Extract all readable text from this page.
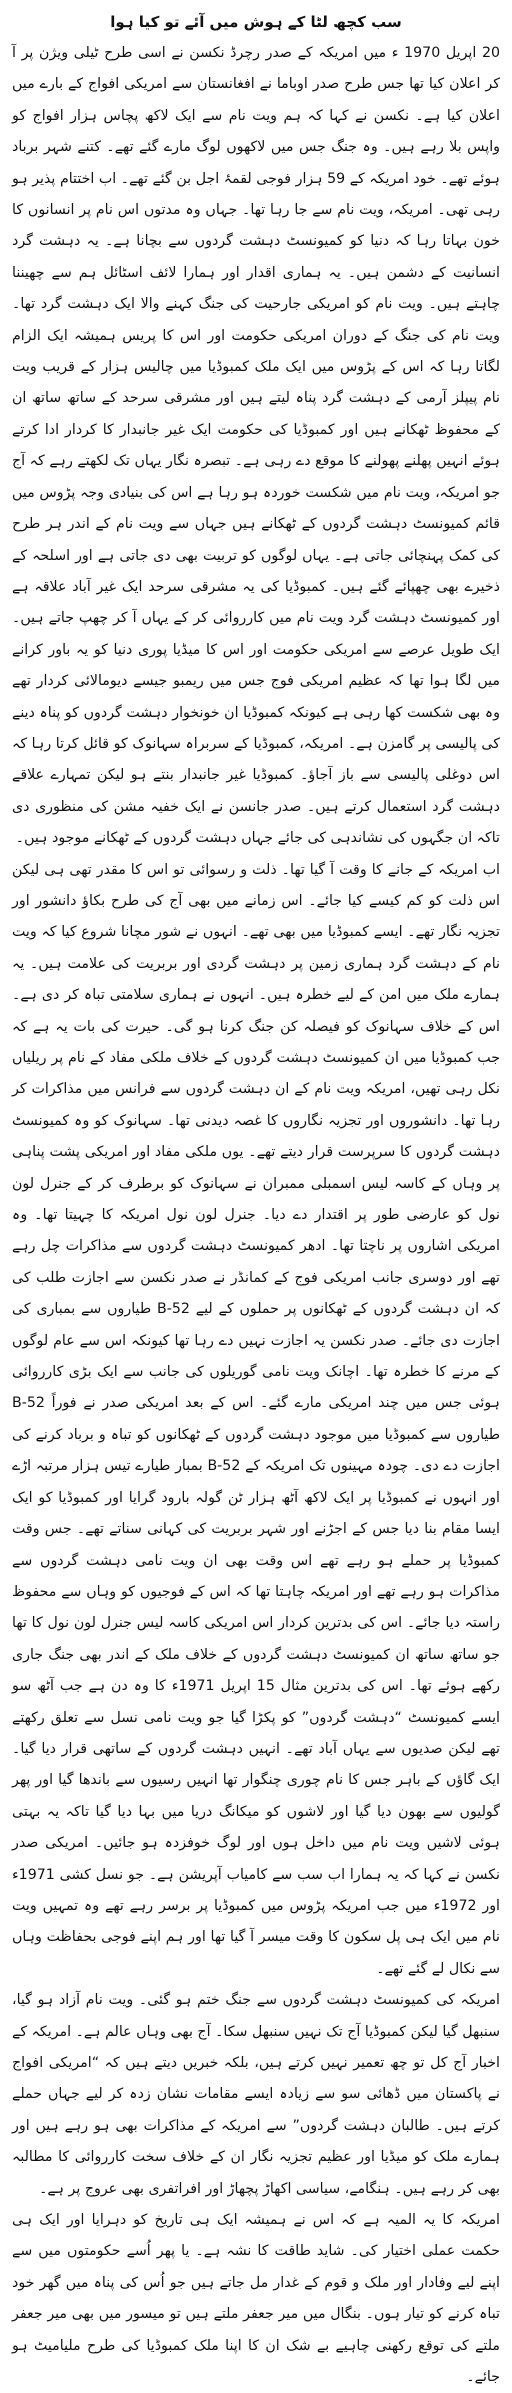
سب کچھ لٹا کے ہوش میں آئے تو کیا ہوا

20 اپریل 1970 ء میں امریکہ کے صدر رچرڈ نکسن نے اسی طرح ٹیلی ویژن پر آ کر اعلان کیا تھا جس طرح صدر اوباما نے افغانستان سے امریکی افواج کے بارے میں اعلان کیا ہے۔ نکسن نے کہا کہ ہم ویت نام سے ایک لاکھ پچاس ہزار افواج کو واپس بلا رہے ہیں۔ وہ جنگ جس میں لاکھوں لوگ مارے گئے تھے۔ کتنے شہر برباد ہوئے تھے۔ خود امریکہ کے 59 ہزار فوجی لقمۂ اجل بن گئے تھے۔ اب اختتام پذیر ہو رہی تھی۔ امریکہ، ویت نام سے جا رہا تھا۔ جہاں وہ مدتوں اس نام پر انسانوں کا خون بہاتا رہا کہ دنیا کو کمیونسٹ دہشت گردوں سے بچانا ہے۔ یہ دہشت گرد انسانیت کے دشمن ہیں۔ یہ ہماری اقدار اور ہمارا لائف اسٹائل ہم سے چھیننا چاہتے ہیں۔ ویت نام کو امریکی جارحیت کی جنگ کہنے والا ایک دہشت گرد تھا۔ ویت نام کی جنگ کے دوران امریکی حکومت اور اس کا پریس ہمیشہ ایک الزام لگاتا رہا کہ اس کے پڑوس میں ایک ملک کمبوڈیا میں چالیس ہزار کے قریب ویت نام پیپلز آرمی کے دہشت گرد پناہ لیتے ہیں اور مشرقی سرحد کے ساتھ ساتھ ان کے محفوظ ٹھکانے ہیں اور کمبوڈیا کی حکومت ایک غیر جانبدار کا کردار ادا کرتے ہوئے انہیں پھلنے پھولنے کا موقع دے رہی ہے۔ تبصرہ نگار یہاں تک لکھتے رہے کہ آج جو امریکہ، ویت نام میں شکست خوردہ ہو رہا ہے اس کی بنیادی وجہ پڑوس میں قائم کمیونسٹ دہشت گردوں کے ٹھکانے ہیں جہاں سے ویت نام کے اندر ہر طرح کی کمک پہنچائی جاتی ہے۔ یہاں لوگوں کو تربیت بھی دی جاتی ہے اور اسلحہ کے ذخیرے بھی چھپائے گئے ہیں۔ کمبوڈیا کی یہ مشرقی سرحد ایک غیر آباد علاقہ ہے اور کمیونسٹ دہشت گرد ویت نام میں کارروائی کر کے یہاں آ کر چھپ جاتے ہیں۔ ایک طویل عرصے سے امریکی حکومت اور اس کا میڈیا پوری دنیا کو یہ باور کرانے میں لگا ہوا تھا کہ عظیم امریکی فوج جس میں ریمبو جیسے دیومالائی کردار تھے وہ بھی شکست کھا رہی ہے کیونکہ کمبوڈیا ان خونخوار دہشت گردوں کو پناہ دینے کی پالیسی پر گامزن ہے۔ امریکہ، کمبوڈیا کے سربراہ سہانوک کو قائل کرتا رہا کہ اس دوغلی پالیسی سے باز آجاؤ۔ کمبوڈیا غیر جانبدار بنتے ہو لیکن تمہارے علاقے دہشت گرد استعمال کرتے ہیں۔ صدر جانسن نے ایک خفیہ مشن کی منظوری دی تاکہ ان جگہوں کی نشاندہی کی جائے جہاں دہشت گردوں کے ٹھکانے موجود ہیں۔

اب امریکہ کے جانے کا وقت آ گیا تھا۔ ذلت و رسوائی تو اس کا مقدر تھی ہی لیکن اس ذلت کو کم کیسے کیا جائے۔ اس زمانے میں بھی آج کی طرح بکاؤ دانشور اور تجزیہ نگار تھے۔ ایسے کمبوڈیا میں بھی تھے۔ انہوں نے شور مچانا شروع کیا کہ ویت نام کے دہشت گرد ہماری زمین پر دہشت گردی اور بربریت کی علامت ہیں۔ یہ ہمارے ملک میں امن کے لیے خطرہ ہیں۔ انہوں نے ہماری سلامتی تباہ کر دی ہے۔ اس کے خلاف سہانوک کو فیصلہ کن جنگ کرنا ہو گی۔ حیرت کی بات یہ ہے کہ جب کمبوڈیا میں ان کمیونسٹ دہشت گردوں کے خلاف ملکی مفاد کے نام پر ریلیاں نکل رہی تھیں، امریکہ ویت نام کے ان دہشت گردوں سے فرانس میں مذاکرات کر رہا تھا۔ دانشوروں اور تجزیہ نگاروں کا غصہ دیدنی تھا۔ سہانوک کو وہ کمیونسٹ دہشت گردوں کا سرپرست قرار دیتے تھے۔ یوں ملکی مفاد اور امریکی پشت پناہی پر وہاں کے کاسہ لیس اسمبلی ممبران نے سہانوک کو برطرف کر کے جنرل لون نول کو عارضی طور پر اقتدار دے دیا۔ جنرل لون نول امریکہ کا چہیتا تھا۔ وہ امریکی اشاروں پر ناچتا تھا۔ ادھر کمیونسٹ دہشت گردوں سے مذاکرات چل رہے تھے اور دوسری جانب امریکی فوج کے کمانڈر نے صدر نکسن سے اجازت طلب کی کہ ان دہشت گردوں کے ٹھکانوں پر حملوں کے لیے B-52 طیاروں سے بمباری کی اجازت دی جائے۔ صدر نکسن یہ اجازت نہیں دے رہا تھا کیونکہ اس سے عام لوگوں کے مرنے کا خطرہ تھا۔ اچانک ویت نامی گوریلوں کی جانب سے ایک بڑی کارروائی ہوئی جس میں چند امریکی مارے گئے۔ اس کے بعد امریکی صدر نے فوراً B-52 طیاروں سے کمبوڈیا میں موجود دہشت گردوں کے ٹھکانوں کو تباہ و برباد کرنے کی اجازت دے دی۔ چودہ مہینوں تک امریکہ کے B-52 بمبار طیارے تیس ہزار مرتبہ اڑے اور انہوں نے کمبوڈیا پر ایک لاکھ آٹھ ہزار ٹن گولہ بارود گرایا اور کمبوڈیا کو ایک ایسا مقام بنا دیا جس کے اجڑنے اور شہر بربریت کی کہانی سناتے تھے۔ جس وقت کمبوڈیا پر حملے ہو رہے تھے اس وقت بھی ان ویت نامی دہشت گردوں سے مذاکرات ہو رہے تھے اور امریکہ چاہتا تھا کہ اس کے فوجیوں کو وہاں سے محفوظ راستہ دیا جائے۔ اس کی بدترین کردار اس امریکی کاسہ لیس جنرل لون نول کا تھا جو ساتھ ساتھ ان کمیونسٹ دہشت گردوں کے خلاف ملک کے اندر بھی جنگ جاری رکھے ہوئے تھا۔ اس کی بدترین مثال 15 اپریل 1971ء کا وہ دن ہے جب آٹھ سو ایسے کمیونسٹ “دہشت گردوں” کو پکڑا گیا جو ویت نامی نسل سے تعلق رکھتے تھے لیکن صدیوں سے یہاں آباد تھے۔ انہیں دہشت گردوں کے ساتھی قرار دیا گیا۔ ایک گاؤں کے باہر جس کا نام چوری چنگوار تھا انہیں رسیوں سے باندھا گیا اور پھر گولیوں سے بھون دیا گیا اور لاشوں کو میکانگ دریا میں بہا دیا گیا تاکہ یہ بہتی ہوئی لاشیں ویت نام میں داخل ہوں اور لوگ خوفزدہ ہو جائیں۔ امریکی صدر نکسن نے کہا کہ یہ ہمارا اب سب سے کامیاب آپریشن ہے۔ جو نسل کشی 1971ء اور 1972ء میں جب امریکہ پڑوس میں کمبوڈیا پر برسر رہے تھے وہ تمہیں ویت نام میں ایک ہی پل سکون کا وقت میسر آ گیا تھا اور ہم اپنے فوجی بحفاظت وہاں سے نکال لے گئے تھے۔

امریکہ کی کمیونسٹ دہشت گردوں سے جنگ ختم ہو گئی۔ ویت نام آزاد ہو گیا، سنبھل گیا لیکن کمبوڈیا آج تک نہیں سنبھل سکا۔ آج بھی وہاں عالم ہے۔ امریکہ کے اخبار آج کل تو چھ تعمیر نہیں کرتے ہیں، بلکہ خبریں دیتے ہیں کہ “امریکی افواج نے پاکستان میں ڈھائی سو سے زیادہ ایسے مقامات نشان زدہ کر لیے جہاں حملے کرتے ہیں۔ طالبان دہشت گردوں” سے امریکہ کے مذاکرات بھی ہو رہے ہیں اور ہمارے ملک کو میڈیا اور عظیم تجزیہ نگار ان کے خلاف سخت کارروائی کا مطالبہ بھی کر رہے ہیں۔ ہنگامے، سیاسی اکھاڑ پچھاڑ اور افراتفری بھی عروج پر ہے۔

امریکہ کا یہ المیہ ہے کہ اس نے ہمیشہ ایک ہی تاریخ کو دہرایا اور ایک ہی حکمت عملی اختیار کی۔ شاید طاقت کا نشہ ہے۔ یا پھر اُسے حکومتوں میں سے اپنے لیے وفادار اور ملک و قوم کے غدار مل جاتے ہیں جو اُس کی پناہ میں گھر خود تباہ کرنے کو تیار ہوں۔ بنگال میں میر جعفر ملتے ہیں تو میسور میں بھی میر جعفر ملتے کی توقع رکھنی چاہیے بے شک ان کا اپنا ملک کمبوڈیا کی طرح ملیامیٹ ہو جائے۔
